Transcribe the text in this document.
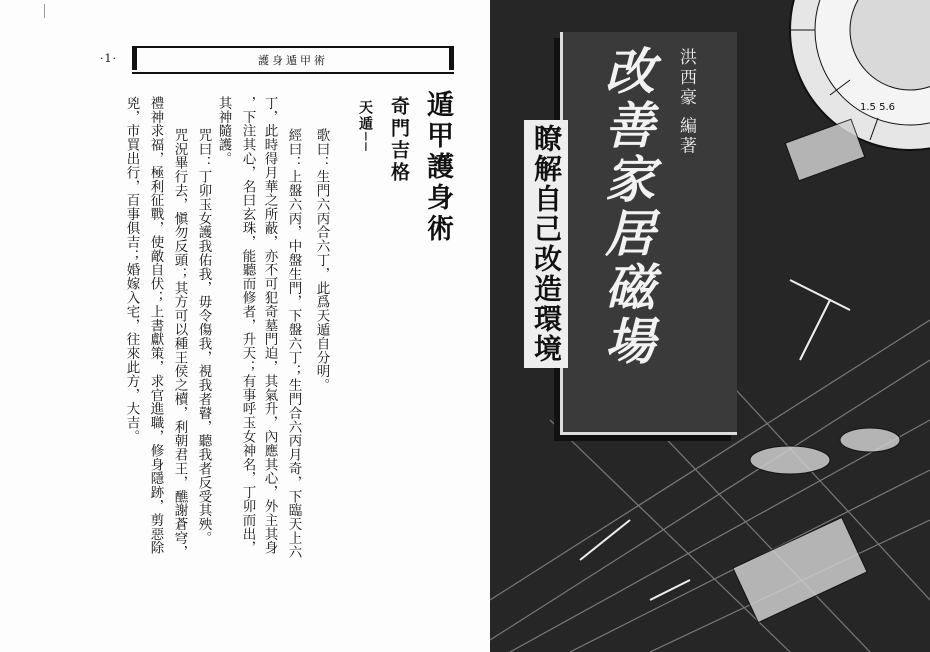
·1·	護身遁甲術
遁甲護身術
奇門吉格
天遁──
歌曰：生門六丙合六丁，此爲天遁自分明。
經曰：上盤六丙，中盤生門，下盤六丁；生門合六丙月奇，下臨天上六
丁，此時得月華之所蔽，亦不可犯奇墓門迫，其氣升，內應其心，外主其身
，下注其心，名曰玄珠，能聽而修者，升天；有事呼玉女神名，丁卯而出，
其神隨護。
咒曰：丁卯玉女護我佑我，毋令傷我，視我者瞽，聽我者反受其殃。
咒況畢行去，愼勿反頭；其方可以種王侯之櫝，利朝君王，醮謝蒼穹，
禮神求福，極利征戰，使敵自伏；上書獻策，求官進職，修身隱跡，剪惡除
兇，市買出行，百事俱吉；婚嫁入宅，往來此方，大吉。	1.5 5.6
改善家居磁場
瞭解自己改造環境
洪西豪 編著
